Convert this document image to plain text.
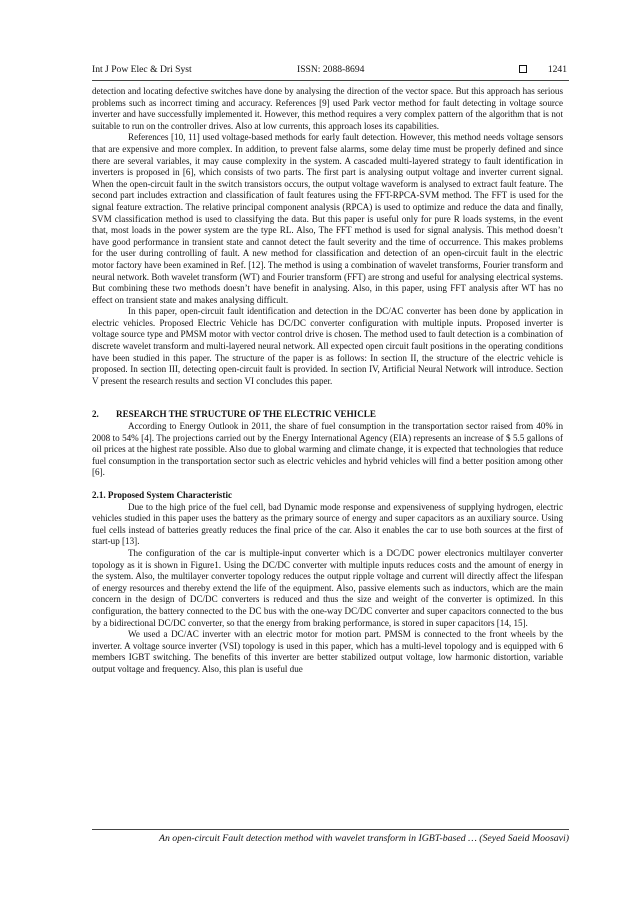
Int J Pow Elec & Dri Syst	ISSN: 2088-8694	1241

detection and locating defective switches have done by analysing the direction of the vector space. But this approach has serious problems such as incorrect timing and accuracy. References [9] used Park vector method for fault detecting in voltage source inverter and have successfully implemented it. However, this method requires a very complex pattern of the algorithm that is not suitable to run on the controller drives. Also at low currents, this approach loses its capabilities.

References [10, 11] used voltage-based methods for early fault detection. However, this method needs voltage sensors that are expensive and more complex. In addition, to prevent false alarms, some delay time must be properly defined and since there are several variables, it may cause complexity in the system. A cascaded multi-layered strategy to fault identification in inverters is proposed in [6], which consists of two parts. The first part is analysing output voltage and inverter current signal. When the open-circuit fault in the switch transistors occurs, the output voltage waveform is analysed to extract fault feature. The second part includes extraction and classification of fault features using the FFT-RPCA-SVM method. The FFT is used for the signal feature extraction. The relative principal component analysis (RPCA) is used to optimize and reduce the data and finally, SVM classification method is used to classifying the data. But this paper is useful only for pure R loads systems, in the event that, most loads in the power system are the type RL. Also, The FFT method is used for signal analysis. This method doesn’t have good performance in transient state and cannot detect the fault severity and the time of occurrence. This makes problems for the user during controlling of fault. A new method for classification and detection of an open-circuit fault in the electric motor factory have been examined in Ref. [12]. The method is using a combination of wavelet transforms, Fourier transform and neural network. Both wavelet transform (WT) and Fourier transform (FFT) are strong and useful for analysing electrical systems. But combining these two methods doesn’t have benefit in analysing. Also, in this paper, using FFT analysis after WT has no effect on transient state and makes analysing difficult.

In this paper, open-circuit fault identification and detection in the DC/AC converter has been done by application in electric vehicles. Proposed Electric Vehicle has DC/DC converter configuration with multiple inputs. Proposed inverter is voltage source type and PMSM motor with vector control drive is chosen. The method used to fault detection is a combination of discrete wavelet transform and multi-layered neural network. All expected open circuit fault positions in the operating conditions have been studied in this paper. The structure of the paper is as follows: In section II, the structure of the electric vehicle is proposed. In section III, detecting open-circuit fault is provided. In section IV, Artificial Neural Network will introduce. Section V present the research results and section VI concludes this paper.

2. RESEARCH THE STRUCTURE OF THE ELECTRIC VEHICLE

According to Energy Outlook in 2011, the share of fuel consumption in the transportation sector raised from 40% in 2008 to 54% [4]. The projections carried out by the Energy International Agency (EIA) represents an increase of $ 5.5 gallons of oil prices at the highest rate possible. Also due to global warming and climate change, it is expected that technologies that reduce fuel consumption in the transportation sector such as electric vehicles and hybrid vehicles will find a better position among other [6].

2.1. Proposed System Characteristic

Due to the high price of the fuel cell, bad Dynamic mode response and expensiveness of supplying hydrogen, electric vehicles studied in this paper uses the battery as the primary source of energy and super capacitors as an auxiliary source. Using fuel cells instead of batteries greatly reduces the final price of the car. Also it enables the car to use both sources at the first of start-up [13].

The configuration of the car is multiple-input converter which is a DC/DC power electronics multilayer converter topology as it is shown in Figure1. Using the DC/DC converter with multiple inputs reduces costs and the amount of energy in the system. Also, the multilayer converter topology reduces the output ripple voltage and current will directly affect the lifespan of energy resources and thereby extend the life of the equipment. Also, passive elements such as inductors, which are the main concern in the design of DC/DC converters is reduced and thus the size and weight of the converter is optimized. In this configuration, the battery connected to the DC bus with the one-way DC/DC converter and super capacitors connected to the bus by a bidirectional DC/DC converter, so that the energy from braking performance, is stored in super capacitors [14, 15].

We used a DC/AC inverter with an electric motor for motion part. PMSM is connected to the front wheels by the inverter. A voltage source inverter (VSI) topology is used in this paper, which has a multi-level topology and is equipped with 6 members IGBT switching. The benefits of this inverter are better stabilized output voltage, low harmonic distortion, variable output voltage and frequency. Also, this plan is useful due

An open-circuit Fault detection method with wavelet transform in IGBT-based … (Seyed Saeid Moosavi)
